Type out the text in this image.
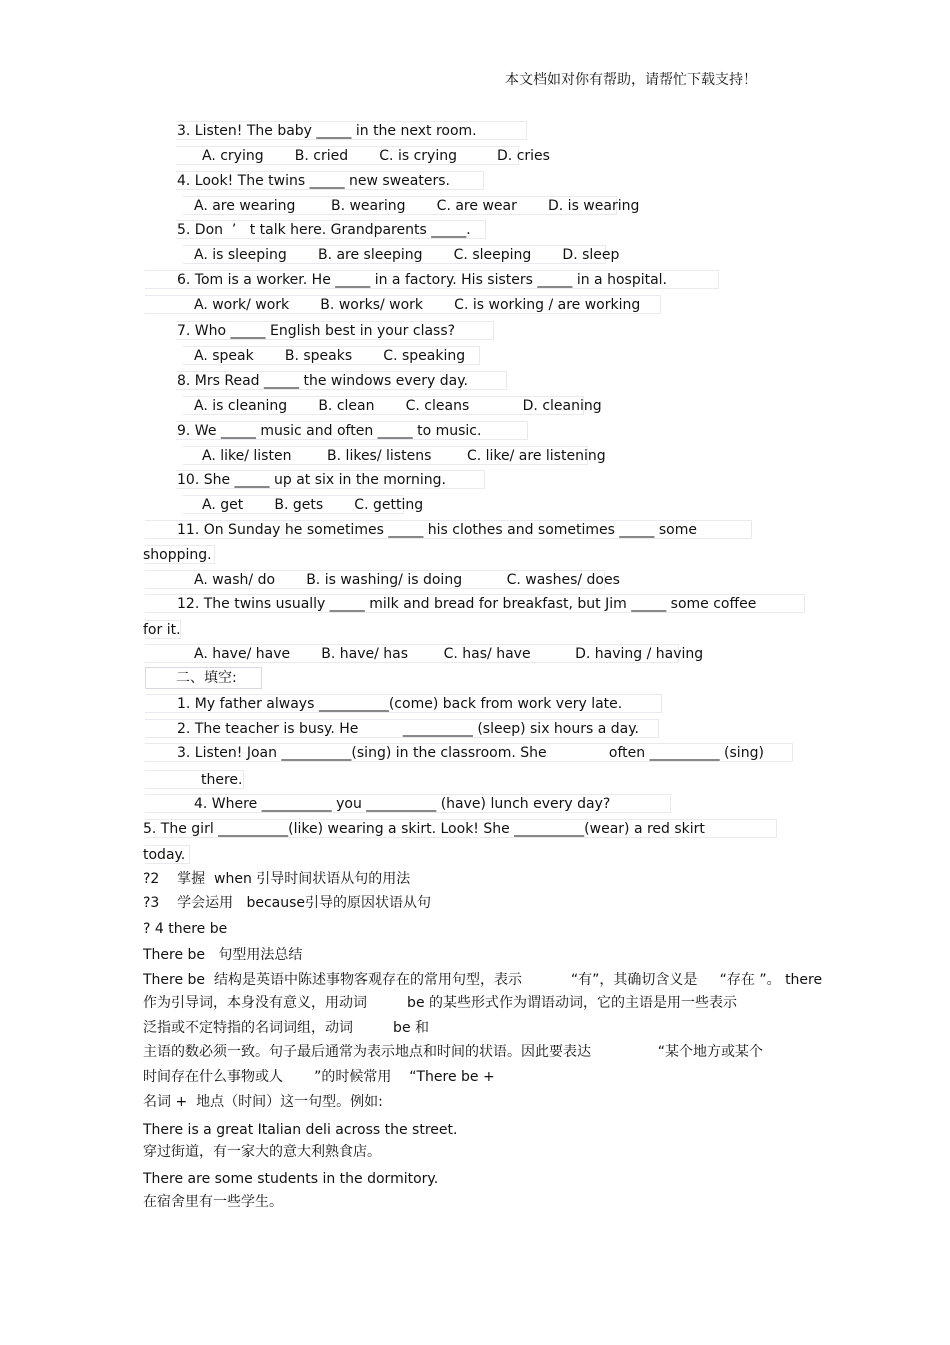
本文档如对你有帮助，请帮忙下载支持！
3. Listen! The baby _____ in the next room.
A. crying       B. cried       C. is crying         D. cries
4. Look! The twins _____ new sweaters.
A. are wearing        B. wearing       C. are wear       D. is wearing
5. Don  ’   t talk here. Grandparents _____.
A. is sleeping       B. are sleeping       C. sleeping       D. sleep
6. Tom is a worker. He _____ in a factory. His sisters _____ in a hospital.
A. work/ work       B. works/ work       C. is working / are working
7. Who _____ English best in your class?
A. speak       B. speaks       C. speaking
8. Mrs Read _____ the windows every day.
A. is cleaning       B. clean       C. cleans            D. cleaning
9. We _____ music and often _____ to music.
A. like/ listen        B. likes/ listens        C. like/ are listening
10. She _____ up at six in the morning.
A. get       B. gets       C. getting
11. On Sunday he sometimes _____ his clothes and sometimes _____ some
shopping.
A. wash/ do       B. is washing/ is doing          C. washes/ does
12. The twins usually _____ milk and bread for breakfast, but Jim _____ some coffee
for it.
A. have/ have       B. have/ has        C. has/ have          D. having / having
二、填空:
1. My father always __________(come) back from work very late.
2. The teacher is busy. He          __________ (sleep) six hours a day.
3. Listen! Joan __________(sing) in the classroom. She              often __________ (sing)
there.
4. Where __________ you __________ (have) lunch every day?
5. The girl __________(like) wearing a skirt. Look! She __________(wear) a red skirt
today.
?2    掌握  when 引导时间状语从句的用法
?3    学会运用   because引导的原因状语从句
? 4 there be
There be   句型用法总结
There be  结构是英语中陈述事物客观存在的常用句型，表示           “有”，其确切含义是     “存在 ”。 there
作为引导词，本身没有意义，用动词         be 的某些形式作为谓语动词，它的主语是用一些表示
泛指或不定特指的名词词组，动词         be 和
主语的数必须一致。句子最后通常为表示地点和时间的状语。因此要表达               “某个地方或某个
时间存在什么事物或人       ”的时候常用    “There be +
名词 +  地点（时间）这一句型。例如:
There is a great Italian deli across the street.
穿过街道，有一家大的意大利熟食店。
There are some students in the dormitory.
在宿舍里有一些学生。
